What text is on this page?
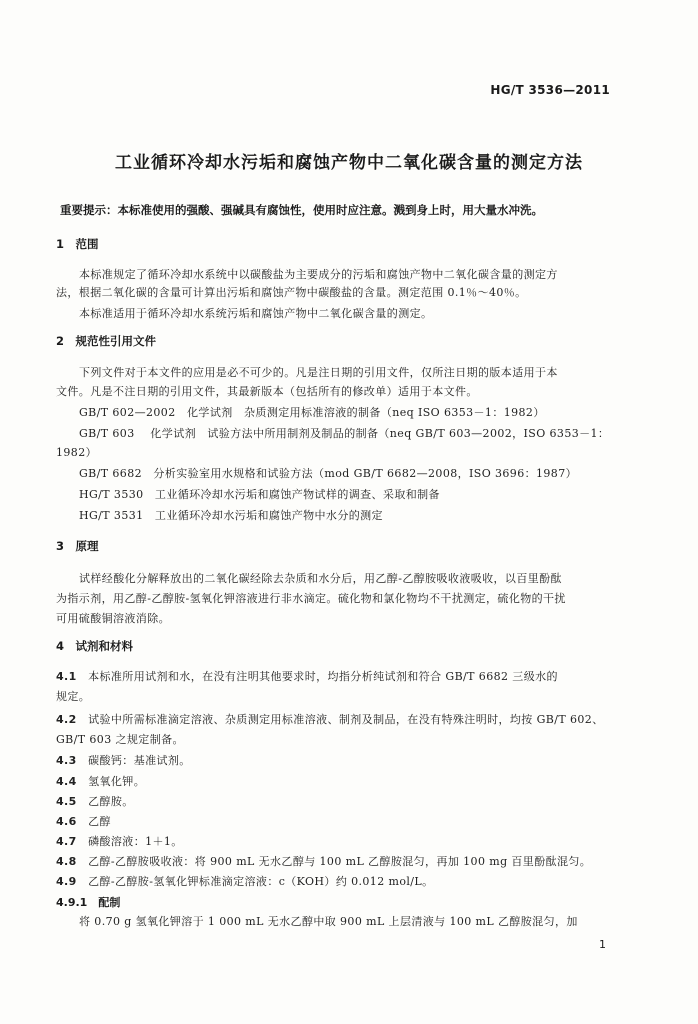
HG/T 3536—2011
工业循环冷却水污垢和腐蚀产物中二氧化碳含量的测定方法
重要提示：本标准使用的强酸、强碱具有腐蚀性，使用时应注意。溅到身上时，用大量水冲洗。
1　 范围
本标准规定了循环冷却水系统中以碳酸盐为主要成分的污垢和腐蚀产物中二氧化碳含量的测定方
法，根据二氧化碳的含量可计算出污垢和腐蚀产物中碳酸盐的含量。测定范围 0.1％～40％。
本标准适用于循环冷却水系统污垢和腐蚀产物中二氧化碳含量的测定。
2　 规范性引用文件
下列文件对于本文件的应用是必不可少的。凡是注日期的引用文件，仅所注日期的版本适用于本
文件。凡是不注日期的引用文件，其最新版本（包括所有的修改单）适用于本文件。
GB/T 602—2002　 化学试剂　杂质测定用标准溶液的制备（neq ISO 6353－1：1982）
GB/T 603　 化学试剂　试验方法中所用制剂及制品的制备（neq GB/T 603—2002，ISO 6353－1：
1982）
GB/T 6682　 分析实验室用水规格和试验方法（mod GB/T 6682—2008，ISO 3696：1987）
HG/T 3530　 工业循环冷却水污垢和腐蚀产物试样的调查、采取和制备
HG/T 3531　 工业循环冷却水污垢和腐蚀产物中水分的测定
3　 原理
试样经酸化分解释放出的二氧化碳经除去杂质和水分后，用乙醇-乙醇胺吸收液吸收，以百里酚酞
为指示剂，用乙醇-乙醇胺-氢氧化钾溶液进行非水滴定。硫化物和氯化物均不干扰测定，硫化物的干扰
可用硫酸铜溶液消除。
4　 试剂和材料
4.1　 本标准所用试剂和水，在没有注明其他要求时，均指分析纯试剂和符合 GB/T 6682 三级水的
规定。
4.2　 试验中所需标准滴定溶液、杂质测定用标准溶液、制剂及制品，在没有特殊注明时，均按 GB/T 602、
GB/T 603 之规定制备。
4.3　 碳酸钙：基准试剂。
4.4　 氢氧化钾。
4.5　 乙醇胺。
4.6　 乙醇
4.7　 磷酸溶液：1＋1。
4.8　 乙醇-乙醇胺吸收液：将 900 mL 无水乙醇与 100 mL 乙醇胺混匀，再加 100 mg 百里酚酞混匀。
4.9　 乙醇-乙醇胺-氢氧化钾标准滴定溶液：c（KOH）约 0.012 mol/L。
4.9.1　 配制
将 0.70 g 氢氧化钾溶于 1 000 mL 无水乙醇中取 900 mL 上层清液与 100 mL 乙醇胺混匀，加
1
